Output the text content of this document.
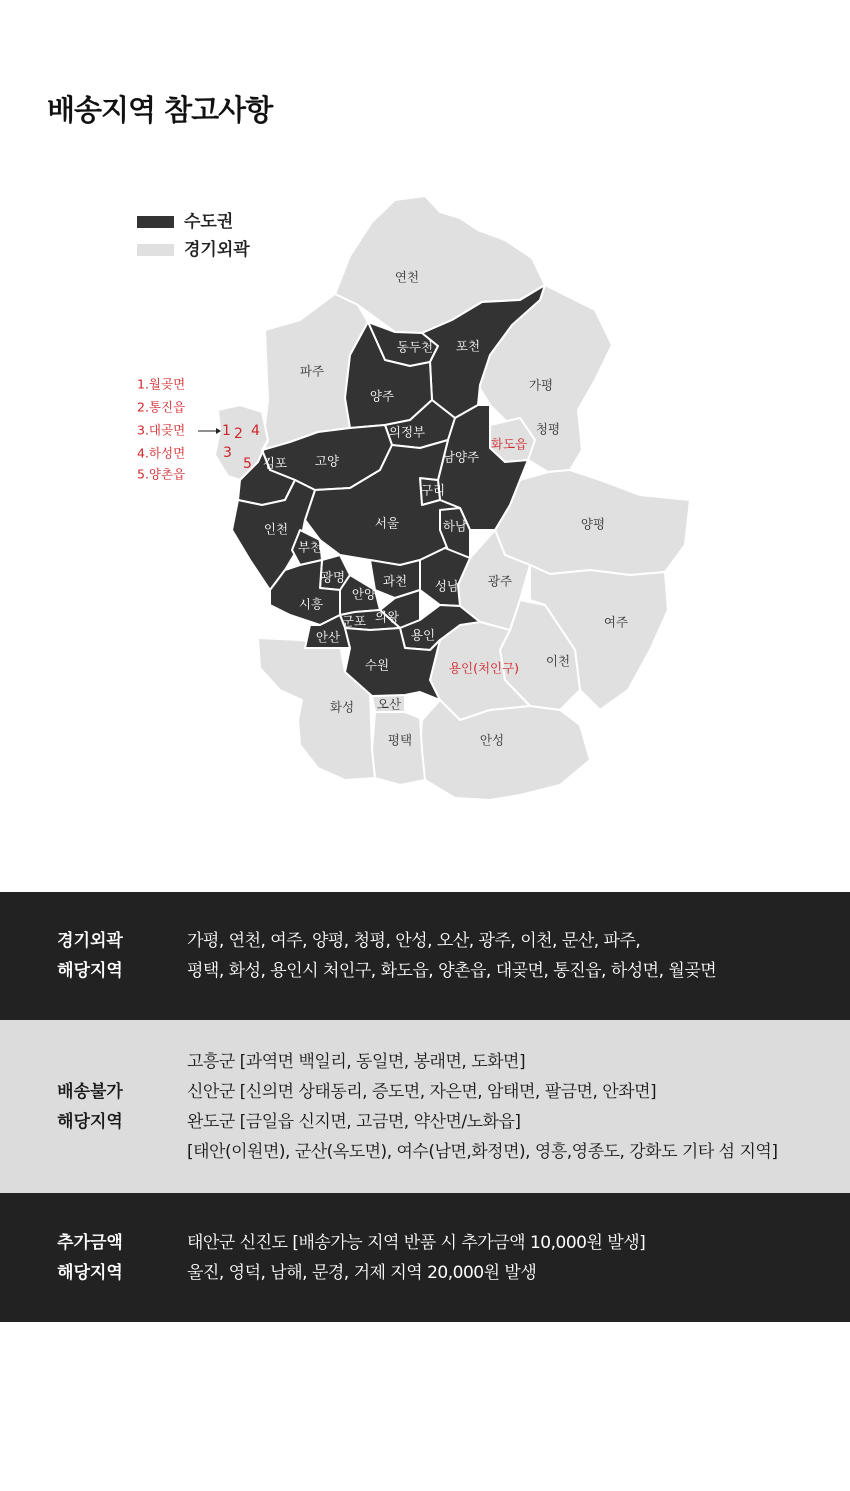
배송지역 참고사항
수도권
경기외곽
1.월곶면
2.통진읍
3.대곶면
4.하성면
5.양촌읍
1 2 4
3
5
연천
파주
가평
청평
양평
광주
여주
이천
화성 오산
평택	안성
화도읍
용인(처인구)
동두천 포천
양주
의정부
남양주
김포 고양
구리
서울	하남
인천
부천
광명	과천 성남
안양
시흥
의왕
군포
안산	용인
수원
경기외곽
해당지역
가평, 연천, 여주, 양평, 청평, 안성, 오산, 광주, 이천, 문산, 파주,
평택, 화성, 용인시 처인구, 화도읍, 양촌읍, 대곶면, 통진읍, 하성면, 월곶면
배송불가
해당지역
고흥군 [과역면 백일리, 동일면, 봉래면, 도화면]
신안군 [신의면 상태동리, 증도면, 자은면, 암태면, 팔금면, 안좌면]
완도군 [금일읍 신지면, 고금면, 약산면/노화읍]
[태안(이원면), 군산(옥도면), 여수(남면,화정면), 영흥,영종도, 강화도 기타 섬 지역]
추가금액
해당지역
태안군 신진도 [배송가능 지역 반품 시 추가금액 10,000원 발생]
울진, 영덕, 남해, 문경, 거제 지역 20,000원 발생
